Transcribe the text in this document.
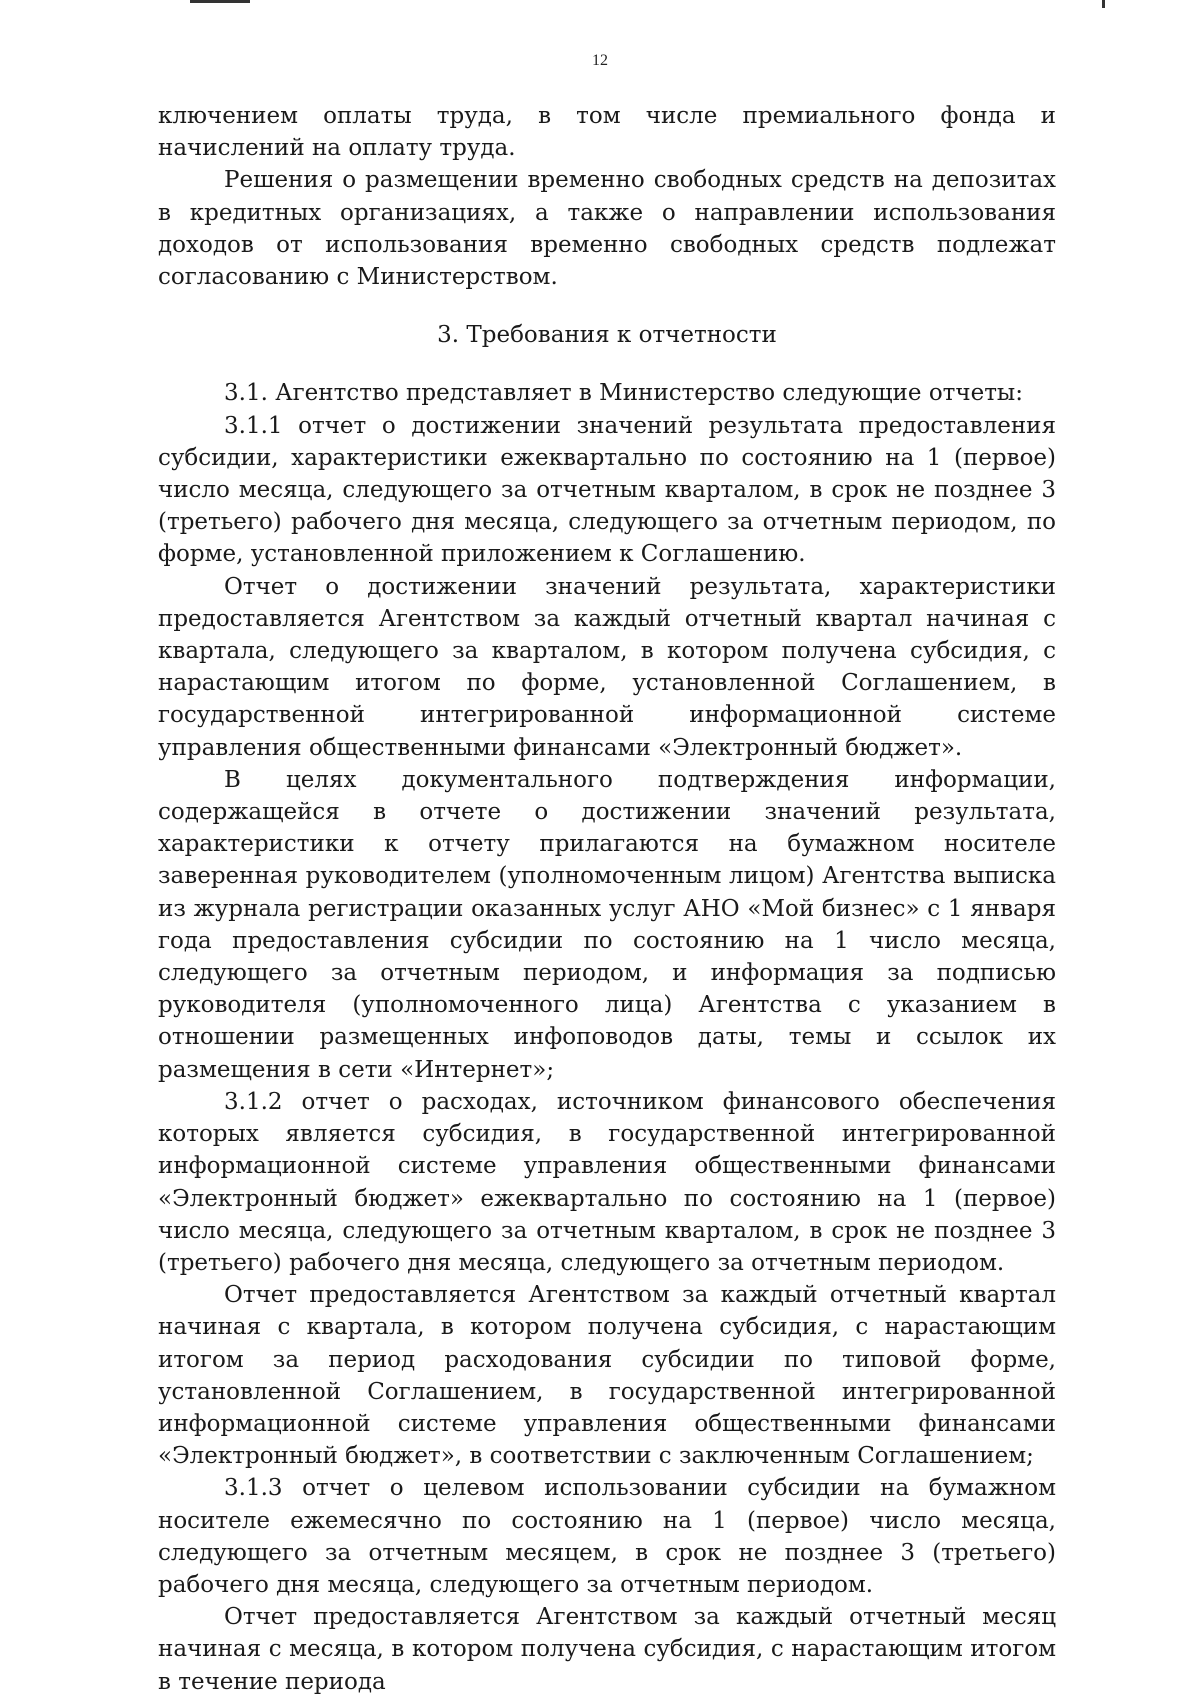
12

ключением оплаты труда, в том числе премиального фонда и начислений на оплату труда.

Решения о размещении временно свободных средств на депозитах в кредитных организациях, а также о направлении использования доходов от использования временно свободных средств подлежат согласованию с Министерством.

3. Требования к отчетности

3.1. Агентство представляет в Министерство следующие отчеты:

3.1.1 отчет о достижении значений результата предоставления субсидии, характеристики ежеквартально по состоянию на 1 (первое) число месяца, следующего за отчетным кварталом, в срок не позднее 3 (третьего) рабочего дня месяца, следующего за отчетным периодом, по форме, установленной приложением к Соглашению.

Отчет о достижении значений результата, характеристики предоставляется Агентством за каждый отчетный квартал начиная с квартала, следующего за кварталом, в котором получена субсидия, с нарастающим итогом по форме, установленной Соглашением, в государственной интегрированной информационной системе управления общественными финансами «Электронный бюджет».

В целях документального подтверждения информации, содержащейся в отчете о достижении значений результата, характеристики к отчету прилагаются на бумажном носителе заверенная руководителем (уполномоченным лицом) Агентства выписка из журнала регистрации оказанных услуг АНО «Мой бизнес» с 1 января года предоставления субсидии по состоянию на 1 число месяца, следующего за отчетным периодом, и информация за подписью руководителя (уполномоченного лица) Агентства с указанием в отношении размещенных инфоповодов даты, темы и ссылок их размещения в сети «Интернет»;

3.1.2 отчет о расходах, источником финансового обеспечения которых является субсидия, в государственной интегрированной информационной системе управления общественными финансами «Электронный бюджет» ежеквартально по состоянию на 1 (первое) число месяца, следующего за отчетным кварталом, в срок не позднее 3 (третьего) рабочего дня месяца, следующего за отчетным периодом.

Отчет предоставляется Агентством за каждый отчетный квартал начиная с квартала, в котором получена субсидия, с нарастающим итогом за период расходования субсидии по типовой форме, установленной Соглашением, в государственной интегрированной информационной системе управления общественными финансами «Электронный бюджет», в соответствии с заключенным Соглашением;

3.1.3 отчет о целевом использовании субсидии на бумажном носителе ежемесячно по состоянию на 1 (первое) число месяца, следующего за отчетным месяцем, в срок не позднее 3 (третьего) рабочего дня месяца, следующего за отчетным периодом.

Отчет предоставляется Агентством за каждый отчетный месяц начиная с месяца, в котором получена субсидия, с нарастающим итогом в течение периода
